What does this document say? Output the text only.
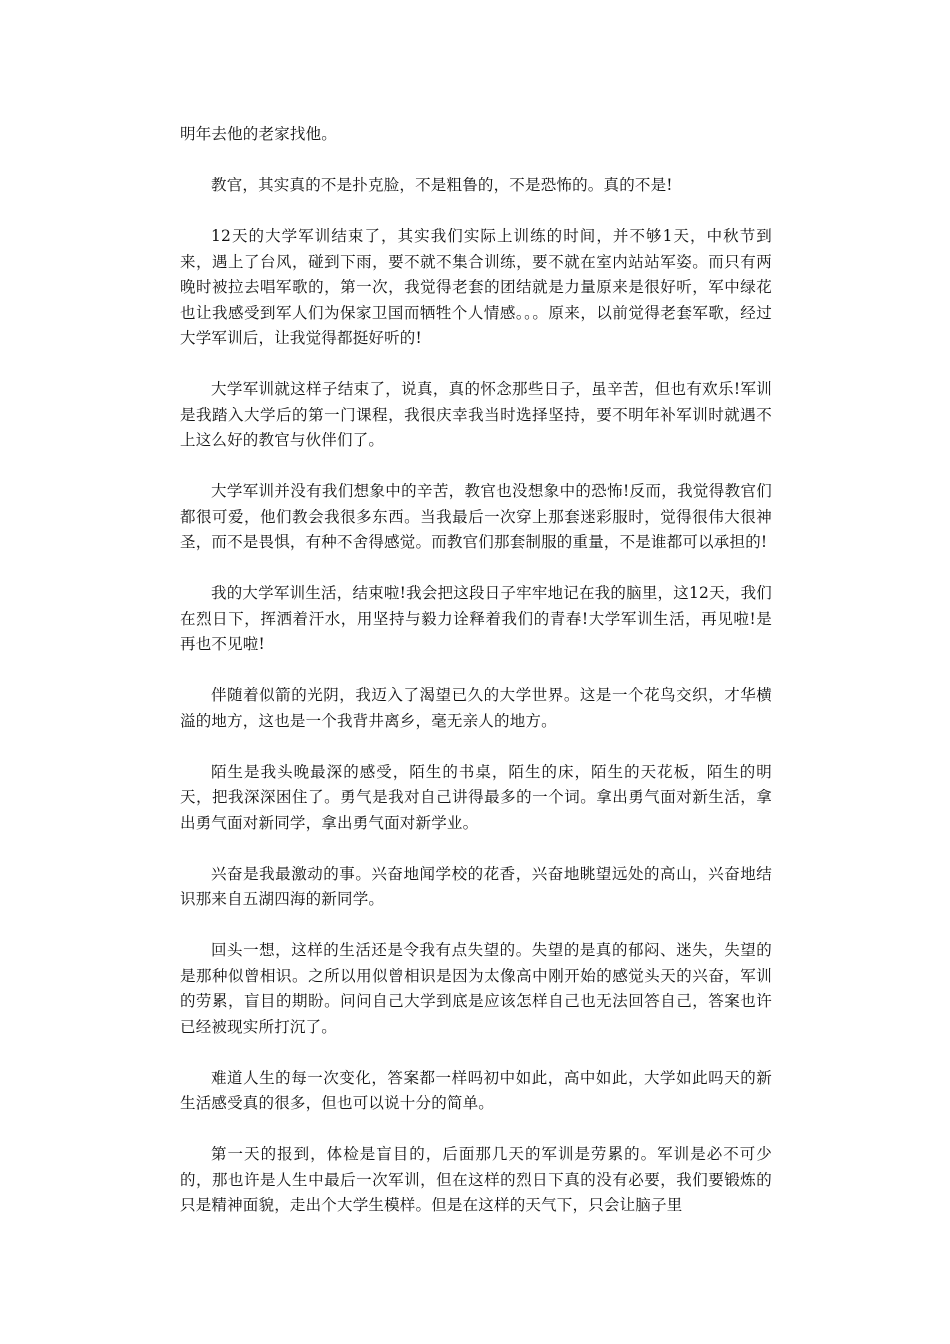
明年去他的老家找他。

教官，其实真的不是扑克脸，不是粗鲁的，不是恐怖的。真的不是!

12天的大学军训结束了，其实我们实际上训练的时间，并不够1天，中秋节到来，遇上了台风，碰到下雨，要不就不集合训练，要不就在室内站站军姿。而只有两晚时被拉去唱军歌的，第一次，我觉得老套的团结就是力量原来是很好听，军中绿花也让我感受到军人们为保家卫国而牺牲个人情感。。。原来，以前觉得老套军歌，经过大学军训后，让我觉得都挺好听的!

大学军训就这样子结束了，说真，真的怀念那些日子，虽辛苦，但也有欢乐!军训是我踏入大学后的第一门课程，我很庆幸我当时选择坚持，要不明年补军训时就遇不上这么好的教官与伙伴们了。

大学军训并没有我们想象中的辛苦，教官也没想象中的恐怖!反而，我觉得教官们都很可爱，他们教会我很多东西。当我最后一次穿上那套迷彩服时，觉得很伟大很神圣，而不是畏惧，有种不舍得感觉。而教官们那套制服的重量，不是谁都可以承担的!

我的大学军训生活，结束啦!我会把这段日子牢牢地记在我的脑里，这12天，我们在烈日下，挥洒着汗水，用坚持与毅力诠释着我们的青春!大学军训生活，再见啦!是再也不见啦!

伴随着似箭的光阴，我迈入了渴望已久的大学世界。这是一个花鸟交织，才华横溢的地方，这也是一个我背井离乡，毫无亲人的地方。

陌生是我头晚最深的感受，陌生的书桌，陌生的床，陌生的天花板，陌生的明天，把我深深困住了。勇气是我对自己讲得最多的一个词。拿出勇气面对新生活，拿出勇气面对新同学，拿出勇气面对新学业。

兴奋是我最激动的事。兴奋地闻学校的花香，兴奋地眺望远处的高山，兴奋地结识那来自五湖四海的新同学。

回头一想，这样的生活还是令我有点失望的。失望的是真的郁闷、迷失，失望的是那种似曾相识。之所以用似曾相识是因为太像高中刚开始的感觉头天的兴奋，军训的劳累，盲目的期盼。问问自己大学到底是应该怎样自己也无法回答自己，答案也许已经被现实所打沉了。

难道人生的每一次变化，答案都一样吗初中如此，高中如此，大学如此吗天的新生活感受真的很多，但也可以说十分的简单。

第一天的报到，体检是盲目的，后面那几天的军训是劳累的。军训是必不可少的，那也许是人生中最后一次军训，但在这样的烈日下真的没有必要，我们要锻炼的只是精神面貌，走出个大学生模样。但是在这样的天气下，只会让脑子里
